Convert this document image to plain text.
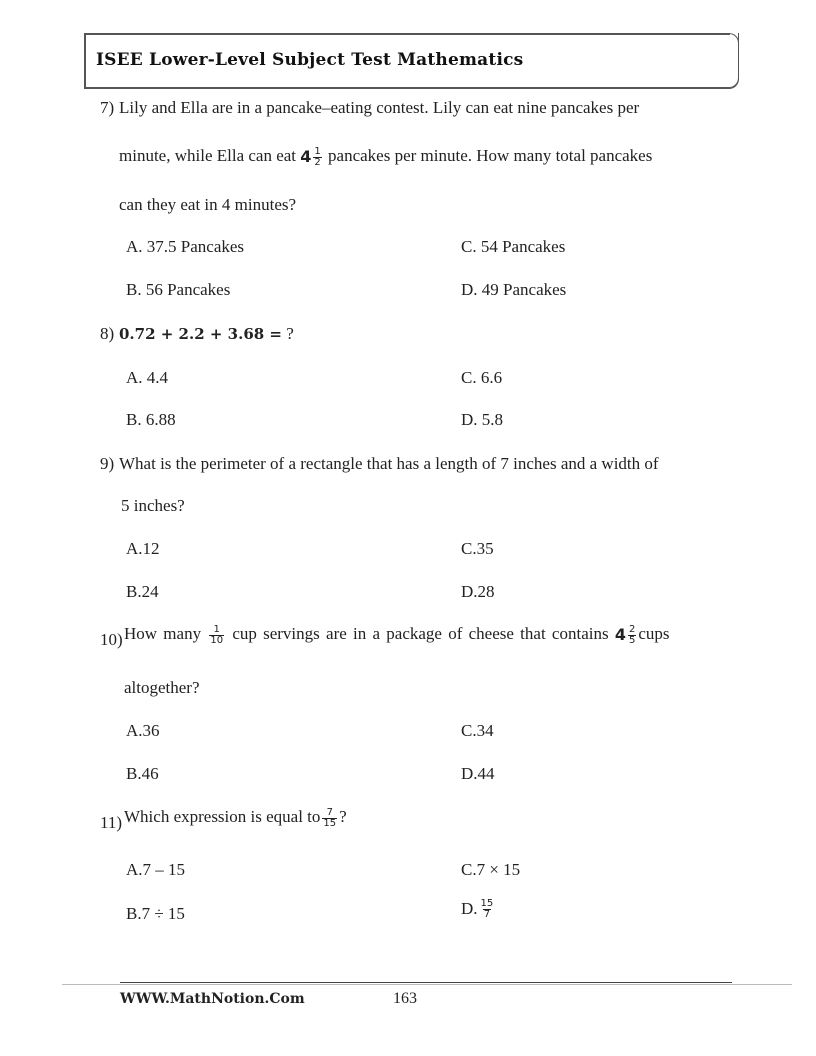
ISEE Lower-Level Subject Test Mathematics
7) Lily and Ella are in a pancake–eating contest. Lily can eat nine pancakes per
minute, while Ella can eat $4 \frac{1}{2}$ pancakes per minute. How many total pancakes
can they eat in 4 minutes?
A. 37.5 Pancakes	C. 54 Pancakes
B. 56 Pancakes	D. 49 Pancakes
8) 0.72 + 2.2 + 3.68 = ?
A. 4.4	C. 6.6
B. 6.88	D. 5.8
9) What is the perimeter of a rectangle that has a length of 7 inches and a width of
5 inches?
A.12	C.35
B.24	D.28
10) How many $\frac{1}{10}$ cup servings are in a package of cheese that contains $4 \frac{2}{5}$ cups
altogether?
A.36	C.34
B.46	D.44
11) Which expression is equal to $\frac{7}{15}$ ?
A.7 – 15	C.7 × 15
B.7 ÷ 15	D. $\frac{15}{7}$
WWW.MathNotion.Com	163
